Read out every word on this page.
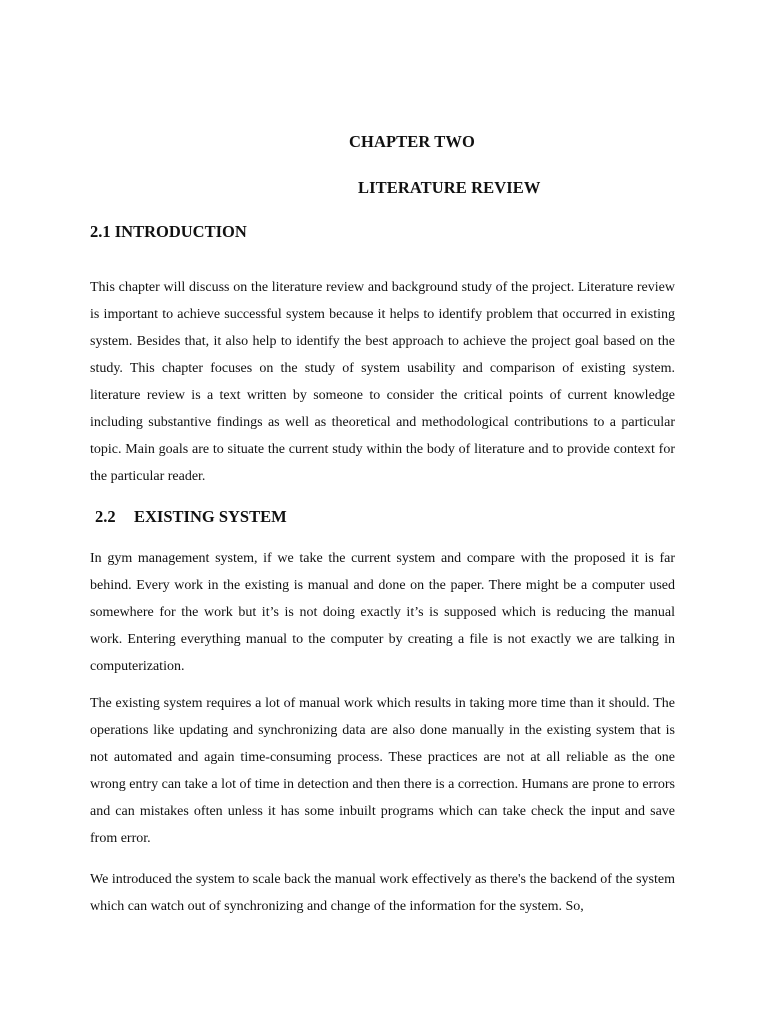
CHAPTER TWO
LITERATURE REVIEW
2.1 INTRODUCTION

This chapter will discuss on the literature review and background study of the project. Literature review is important to achieve successful system because it helps to identify problem that occurred in existing system. Besides that, it also help to identify the best approach to achieve the project goal based on the study. This chapter focuses on the study of system usability and comparison of existing system. literature review is a text written by someone to consider the critical points of current knowledge including substantive findings as well as theoretical and methodological contributions to a particular topic. Main goals are to situate the current study within the body of literature and to provide context for the particular reader.

2.2 EXISTING SYSTEM

In gym management system, if we take the current system and compare with the proposed it is far behind. Every work in the existing is manual and done on the paper. There might be a computer used somewhere for the work but it’s is not doing exactly it’s is supposed which is reducing the manual work. Entering everything manual to the computer by creating a file is not exactly we are talking in computerization.

The existing system requires a lot of manual work which results in taking more time than it should. The operations like updating and synchronizing data are also done manually in the existing system that is not automated and again time-consuming process. These practices are not at all reliable as the one wrong entry can take a lot of time in detection and then there is a correction. Humans are prone to errors and can mistakes often unless it has some inbuilt programs which can take check the input and save from error.

We introduced the system to scale back the manual work effectively as there's the backend of the system which can watch out of synchronizing and change of the information for the system. So,
